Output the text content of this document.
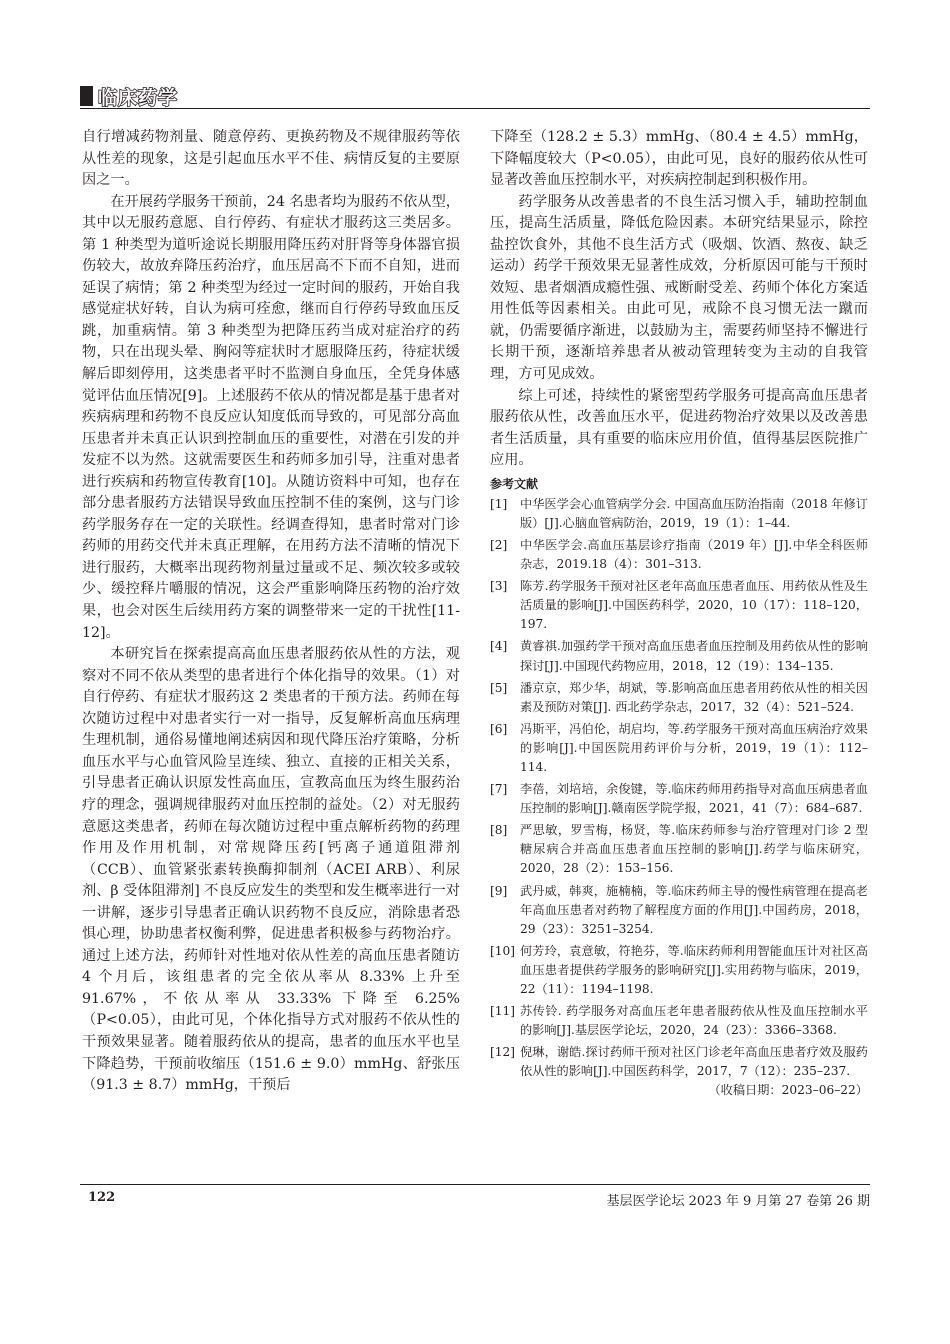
临床药学

自行增减药物剂量、随意停药、更换药物及不规律服药等依从性差的现象，这是引起血压水平不佳、病情反复的主要原因之一。

在开展药学服务干预前，24 名患者均为服药不依从型，其中以无服药意愿、自行停药、有症状才服药这三类居多。第 1 种类型为道听途说长期服用降压药对肝肾等身体器官损伤较大，故放弃降压药治疗，血压居高不下而不自知，进而延误了病情；第 2 种类型为经过一定时间的服药，开始自我感觉症状好转，自认为病可痊愈，继而自行停药导致血压反跳，加重病情。第 3 种类型为把降压药当成对症治疗的药物，只在出现头晕、胸闷等症状时才愿服降压药，待症状缓解后即刻停用，这类患者平时不监测自身血压，全凭身体感觉评估血压情况[9]。上述服药不依从的情况都是基于患者对疾病病理和药物不良反应认知度低而导致的，可见部分高血压患者并未真正认识到控制血压的重要性，对潜在引发的并发症不以为然。这就需要医生和药师多加引导，注重对患者进行疾病和药物宣传教育[10]。从随访资料中可知，也存在部分患者服药方法错误导致血压控制不佳的案例，这与门诊药学服务存在一定的关联性。经调查得知，患者时常对门诊药师的用药交代并未真正理解，在用药方法不清晰的情况下进行服药，大概率出现药物剂量过量或不足、频次较多或较少、缓控释片嚼服的情况，这会严重影响降压药物的治疗效果，也会对医生后续用药方案的调整带来一定的干扰性[11-12]。

本研究旨在探索提高高血压患者服药依从性的方法，观察对不同不依从类型的患者进行个体化指导的效果。（1）对自行停药、有症状才服药这 2 类患者的干预方法。药师在每次随访过程中对患者实行一对一指导，反复解析高血压病理生理机制，通俗易懂地阐述病因和现代降压治疗策略，分析血压水平与心血管风险呈连续、独立、直接的正相关关系，引导患者正确认识原发性高血压，宣教高血压为终生服药治疗的理念，强调规律服药对血压控制的益处。（2）对无服药意愿这类患者，药师在每次随访过程中重点解析药物的药理作用及作用机制，对常规降压药[钙离子通道阻滞剂（CCB）、血管紧张素转换酶抑制剂（ACEI ARB）、利尿剂、β 受体阻滞剂] 不良反应发生的类型和发生概率进行一对一讲解，逐步引导患者正确认识药物不良反应，消除患者恐惧心理，协助患者权衡利弊，促进患者积极参与药物治疗。通过上述方法，药师针对性地对依从性差的高血压患者随访 4 个月后，该组患者的完全依从率从 8.33% 上升至 91.67%，不依从率从 33.33% 下降至 6.25%（P<0.05），由此可见，个体化指导方式对服药不依从性的干预效果显著。随着服药依从的提高，患者的血压水平也呈下降趋势，干预前收缩压（151.6 ± 9.0）mmHg、舒张压（91.3 ± 8.7）mmHg，干预后

下降至（128.2 ± 5.3）mmHg、（80.4 ± 4.5）mmHg，下降幅度较大（P<0.05），由此可见，良好的服药依从性可显著改善血压控制水平，对疾病控制起到积极作用。

药学服务从改善患者的不良生活习惯入手，辅助控制血压，提高生活质量，降低危险因素。本研究结果显示，除控盐控饮食外，其他不良生活方式（吸烟、饮酒、熬夜、缺乏运动）药学干预效果无显著性成效，分析原因可能与干预时效短、患者烟酒成瘾性强、戒断耐受差、药师个体化方案适用性低等因素相关。由此可见，戒除不良习惯无法一蹴而就，仍需要循序渐进，以鼓励为主，需要药师坚持不懈进行长期干预，逐渐培养患者从被动管理转变为主动的自我管理，方可见成效。

综上可述，持续性的紧密型药学服务可提高高血压患者服药依从性，改善血压水平，促进药物治疗效果以及改善患者生活质量，具有重要的临床应用价值，值得基层医院推广应用。

参考文献
[1]	中华医学会心血管病学分会. 中国高血压防治指南（2018 年修订版）[J].心脑血管病防治，2019，19（1）：1–44.
[2]	中华医学会.高血压基层诊疗指南（2019 年）[J].中华全科医师杂志，2019.18（4）：301–313.
[3]	陈芳.药学服务干预对社区老年高血压患者血压、用药依从性及生活质量的影响[J].中国医药科学，2020，10（17）：118–120，197.
[4]	黄睿祺.加强药学干预对高血压患者血压控制及用药依从性的影响探讨[J].中国现代药物应用，2018，12（19）：134–135.
[5]	潘京京，郑少华，胡斌，等.影响高血压患者用药依从性的相关因素及预防对策[J]. 西北药学杂志，2017，32（4）：521–524.
[6]	冯斯平，冯伯伦，胡启均，等.药学服务干预对高血压病治疗效果的影响[J].中国医院用药评价与分析，2019，19（1）：112–114.
[7]	李蓓，刘培培，余俊键，等.临床药师用药指导对高血压病患者血压控制的影响[J].赣南医学院学报，2021，41（7）：684–687.
[8]	严思敏，罗雪梅，杨贤，等.临床药师参与治疗管理对门诊 2 型糖尿病合并高血压患者血压控制的影响[J].药学与临床研究，2020，28（2）：153–156.
[9]	武丹威，韩爽，施楠楠，等.临床药师主导的慢性病管理在提高老年高血压患者对药物了解程度方面的作用[J].中国药房，2018，29（23）：3251–3254.
[10] 何芳玲，袁意敏，符艳芬，等.临床药师利用智能血压计对社区高血压患者提供药学服务的影响研究[J].实用药物与临床，2019，22（11）：1194–1198.
[11] 苏传铃. 药学服务对高血压老年患者服药依从性及血压控制水平的影响[J].基层医学论坛，2020，24（23）：3366–3368.
[12] 倪琳，谢皓.探讨药师干预对社区门诊老年高血压患者疗效及服药依从性的影响[J].中国医药科学，2017，7（12）：235–237.
（收稿日期：2023–06–22）
122	基层医学论坛 2023 年 9 月第 27 卷第 26 期
